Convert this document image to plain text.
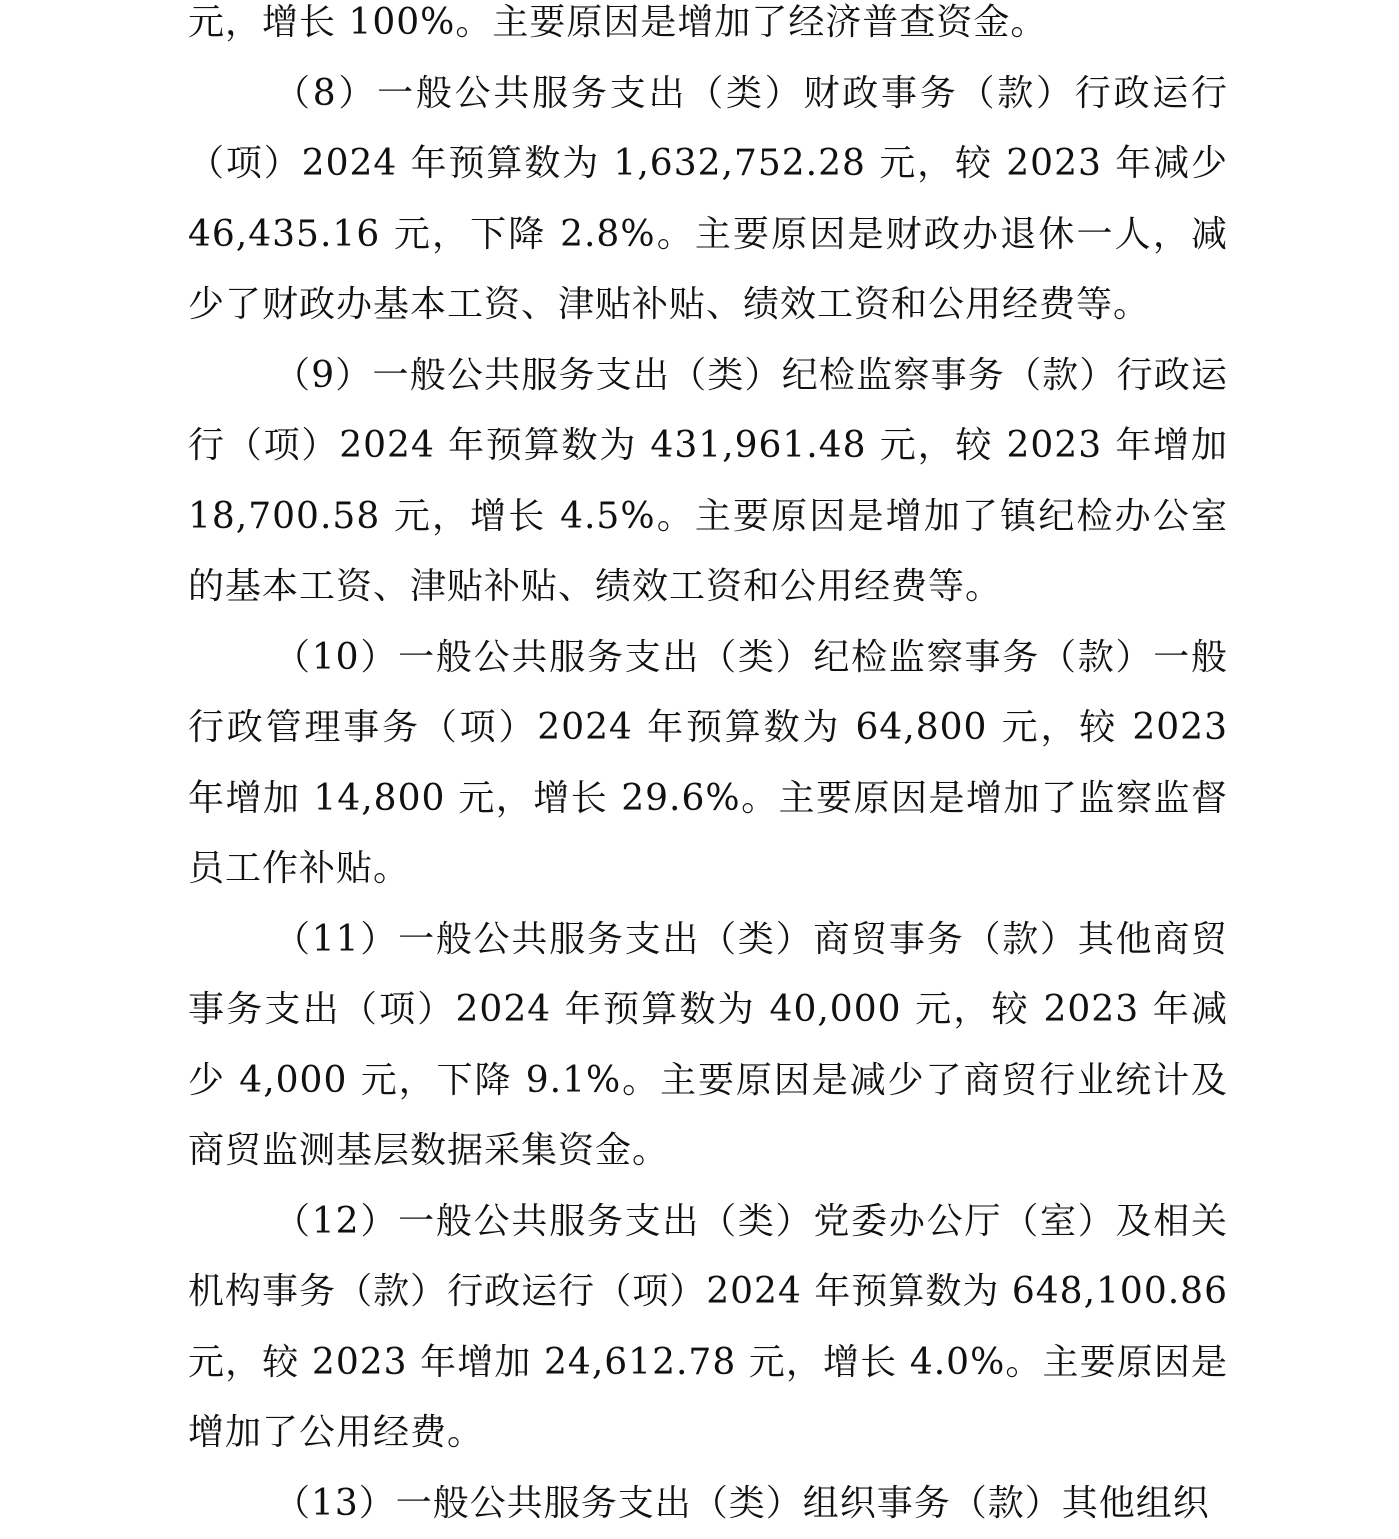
元，增长 100%。主要原因是增加了经济普查资金。

（8）一般公共服务支出（类）财政事务（款）行政运行（项）2024 年预算数为 1,632,752.28 元，较 2023 年减少 46,435.16 元，下降 2.8%。主要原因是财政办退休一人，减少了财政办基本工资、津贴补贴、绩效工资和公用经费等。

（9）一般公共服务支出（类）纪检监察事务（款）行政运行（项）2024 年预算数为 431,961.48 元，较 2023 年增加 18,700.58 元，增长 4.5%。主要原因是增加了镇纪检办公室的基本工资、津贴补贴、绩效工资和公用经费等。

（10）一般公共服务支出（类）纪检监察事务（款）一般行政管理事务（项）2024 年预算数为 64,800 元，较 2023 年增加 14,800 元，增长 29.6%。主要原因是增加了监察监督员工作补贴。

（11）一般公共服务支出（类）商贸事务（款）其他商贸事务支出（项）2024 年预算数为 40,000 元，较 2023 年减少 4,000 元，下降 9.1%。主要原因是减少了商贸行业统计及商贸监测基层数据采集资金。

（12）一般公共服务支出（类）党委办公厅（室）及相关机构事务（款）行政运行（项）2024 年预算数为 648,100.86 元，较 2023 年增加 24,612.78 元，增长 4.0%。主要原因是增加了公用经费。

（13）一般公共服务支出（类）组织事务（款）其他组织
